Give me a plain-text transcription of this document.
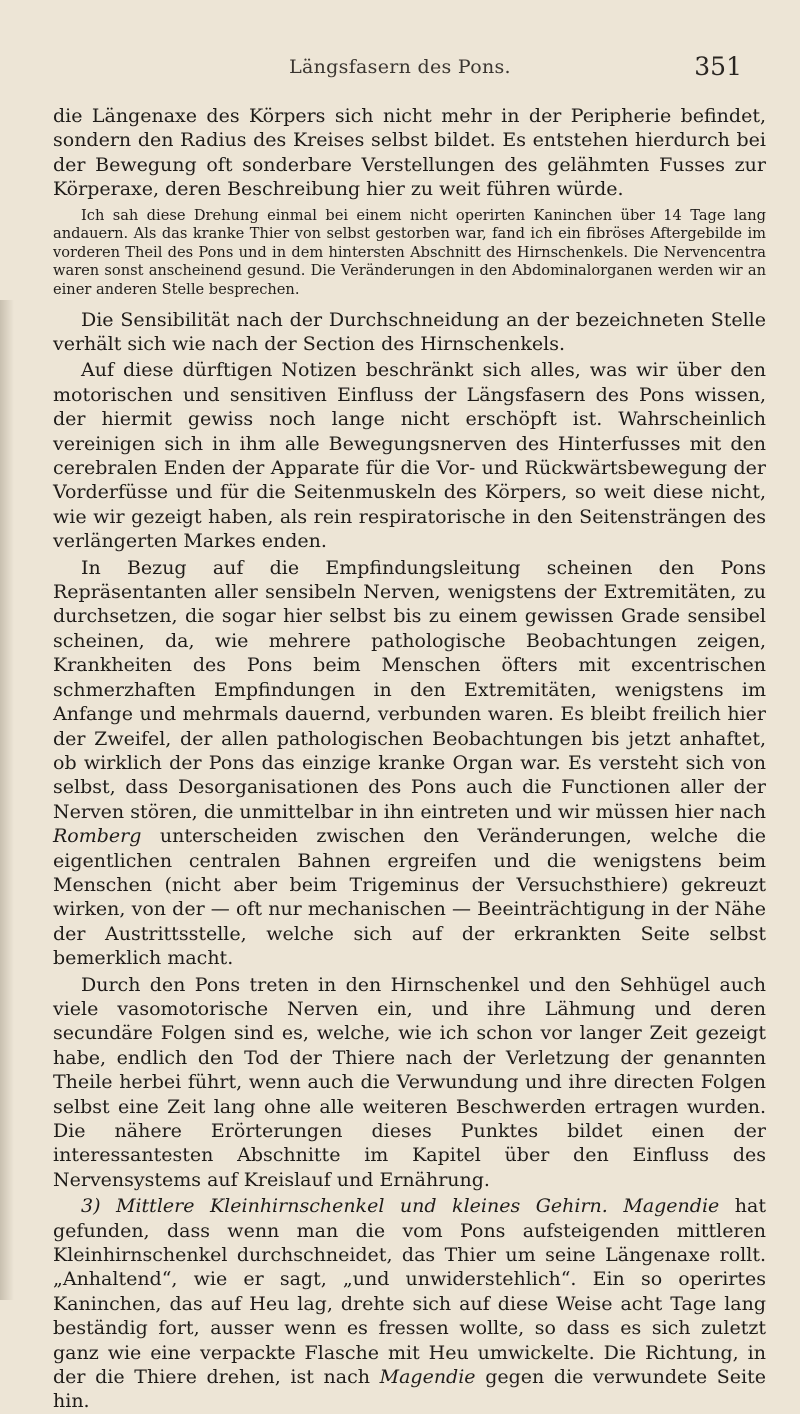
Längsfasern des Pons.	351

die Längenaxe des Körpers sich nicht mehr in der Peripherie befindet, sondern den Radius des Kreises selbst bildet. Es entstehen hierdurch bei der Bewegung oft sonderbare Verstellungen des gelähmten Fusses zur Körperaxe, deren Beschreibung hier zu weit führen würde.

Ich sah diese Drehung einmal bei einem nicht operirten Kaninchen über 14 Tage lang andauern. Als das kranke Thier von selbst gestorben war, fand ich ein fibröses Aftergebilde im vorderen Theil des Pons und in dem hintersten Abschnitt des Hirnschenkels. Die Nervencentra waren sonst anscheinend gesund. Die Veränderungen in den Abdominalorganen werden wir an einer anderen Stelle besprechen.

Die Sensibilität nach der Durchschneidung an der bezeichneten Stelle verhält sich wie nach der Section des Hirnschenkels.

Auf diese dürftigen Notizen beschränkt sich alles, was wir über den motorischen und sensitiven Einfluss der Längsfasern des Pons wissen, der hiermit gewiss noch lange nicht erschöpft ist. Wahrscheinlich vereinigen sich in ihm alle Bewegungsnerven des Hinterfusses mit den cerebralen Enden der Apparate für die Vor- und Rückwärtsbewegung der Vorderfüsse und für die Seitenmuskeln des Körpers, so weit diese nicht, wie wir gezeigt haben, als rein respiratorische in den Seitensträngen des verlängerten Markes enden.

In Bezug auf die Empfindungsleitung scheinen den Pons Repräsentanten aller sensibeln Nerven, wenigstens der Extremitäten, zu durchsetzen, die sogar hier selbst bis zu einem gewissen Grade sensibel scheinen, da, wie mehrere pathologische Beobachtungen zeigen, Krankheiten des Pons beim Menschen öfters mit excentrischen schmerzhaften Empfindungen in den Extremitäten, wenigstens im Anfange und mehrmals dauernd, verbunden waren. Es bleibt freilich hier der Zweifel, der allen pathologischen Beobachtungen bis jetzt anhaftet, ob wirklich der Pons das einzige kranke Organ war. Es versteht sich von selbst, dass Desorganisationen des Pons auch die Functionen aller der Nerven stören, die unmittelbar in ihn eintreten und wir müssen hier nach Romberg unterscheiden zwischen den Veränderungen, welche die eigentlichen centralen Bahnen ergreifen und die wenigstens beim Menschen (nicht aber beim Trigeminus der Versuchsthiere) gekreuzt wirken, von der — oft nur mechanischen — Beeinträchtigung in der Nähe der Austrittsstelle, welche sich auf der erkrankten Seite selbst bemerklich macht.

Durch den Pons treten in den Hirnschenkel und den Sehhügel auch viele vasomotorische Nerven ein, und ihre Lähmung und deren secundäre Folgen sind es, welche, wie ich schon vor langer Zeit gezeigt habe, endlich den Tod der Thiere nach der Verletzung der genannten Theile herbei führt, wenn auch die Verwundung und ihre directen Folgen selbst eine Zeit lang ohne alle weiteren Beschwerden ertragen wurden. Die nähere Erörterungen dieses Punktes bildet einen der interessantesten Abschnitte im Kapitel über den Einfluss des Nervensystems auf Kreislauf und Ernährung.

3) Mittlere Kleinhirnschenkel und kleines Gehirn. Magendie hat gefunden, dass wenn man die vom Pons aufsteigenden mittleren Kleinhirnschenkel durchschneidet, das Thier um seine Längenaxe rollt. „Anhaltend“, wie er sagt, „und unwiderstehlich“. Ein so operirtes Kaninchen, das auf Heu lag, drehte sich auf diese Weise acht Tage lang beständig fort, ausser wenn es fressen wollte, so dass es sich zuletzt ganz wie eine verpackte Flasche mit Heu umwickelte. Die Richtung, in der die Thiere drehen, ist nach Magendie gegen die verwundete Seite hin.
